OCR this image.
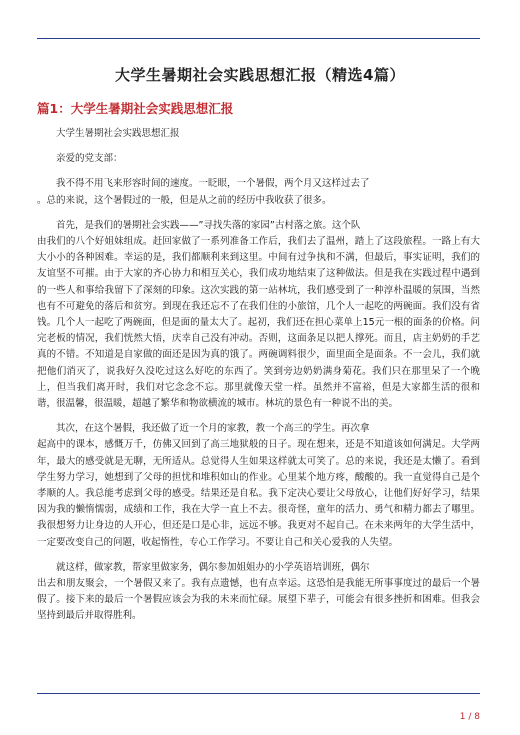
大学生暑期社会实践思想汇报（精选4篇）
篇1：大学生暑期社会实践思想汇报

大学生暑期社会实践思想汇报

亲爱的党支部：

我不得不用飞来形容时间的速度。一眨眼，一个暑假，两个月又这样过去了
。总的来说，这个暑假过的一般，但是从之前的经历中我收获了很多。

首先，是我们的暑期社会实践——”寻找失落的家园”古村落之旅。这个队
由我们的八个好姐妹组成。赶回家做了一系列准备工作后，我们去了温州，踏上了这段旅程。一路上有大大小小的各种困难。幸运的是，我们都顺利来到这里。中间有过争执和不满，但最后，事实证明，我们的友谊坚不可摧。由于大家的齐心协力和相互关心，我们成功地结束了这种做法。但是我在实践过程中遇到的一些人和事给我留下了深刻的印象。这次实践的第一站林坑，我们感受到了一种淳朴温暖的氛围，当然也有不可避免的落后和贫穷。到现在我还忘不了在我们住的小旅馆，几个人一起吃的两碗面。我们没有省钱。几个人一起吃了两碗面，但是面的量太大了。起初，我们还在担心菜单上15元一根的面条的价格。问完老板的情况，我们恍然大悟，庆幸自己没有冲动。否则，这面条足以把人撑死。而且，店主奶奶的手艺真的不错。不知道是自家做的面还是因为真的饿了。两碗调料很少，面里面全是面条。不一会儿，我们就把他们消灭了，说我好久没吃过这么好吃的东西了。笑到旁边奶奶满身菊花。我们只在那里呆了一个晚上，但当我们离开时，我们对它念念不忘。那里就像天堂一样。虽然并不富裕，但是大家都生活的很和谐，很温馨，很温暖，超越了繁华和物欲横流的城市。林坑的景色有一种说不出的美。

其次，在这个暑假，我还做了近一个月的家教，教一个高三的学生。再次拿
起高中的课本，感慨万千，仿佛又回到了高三地狱般的日子。现在想来，还是不知道该如何满足。大学两年，最大的感受就是无聊，无所适从。总觉得人生如果这样就太可笑了。总的来说，我还是太懒了。看到学生努力学习，她想到了父母的担忧和堆积如山的作业。心里某个地方疼，酸酸的。我一直觉得自己是个孝顺的人。我总能考虑到父母的感受。结果还是自私。我下定决心要让父母放心，让他们好好学习，结果因为我的懒惰懦弱，成绩和工作，我在大学一直上不去。很奇怪，童年的活力、勇气和精力都去了哪里。我很想努力让身边的人开心，但还是口是心非，远远不够。我更对不起自己。在未来两年的大学生活中，一定要改变自己的问题，收起惰性，专心工作学习。不要让自己和关心爱我的人失望。

就这样，做家教，帮家里做家务，偶尔参加姐姐办的小学英语培训班，偶尔
出去和朋友聚会，一个暑假又来了。我有点遗憾，也有点幸运。这恐怕是我能无所事事度过的最后一个暑假了。接下来的最后一个暑假应该会为我的未来而忙碌。展望下辈子，可能会有很多挫折和困难。但我会坚持到最后并取得胜利。

1 / 8
